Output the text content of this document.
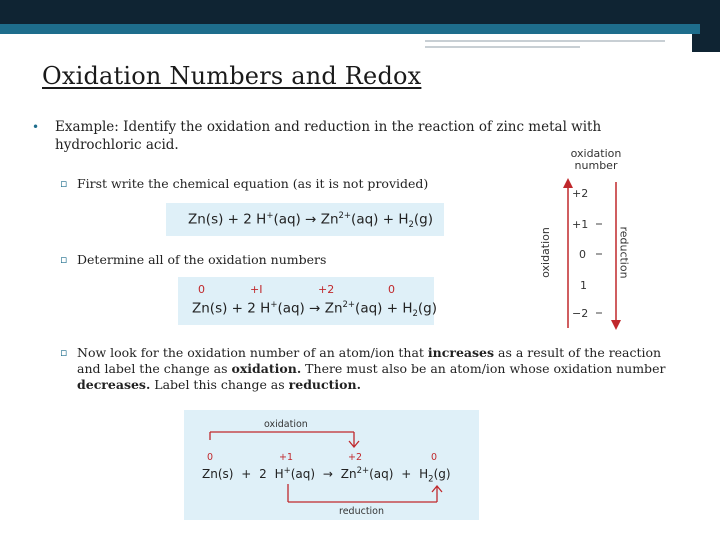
Oxidation Numbers and Redox
• Example: Identify the oxidation and reduction in the reaction of zinc metal with hydrochloric acid.
▫ First write the chemical equation (as it is not provided)
Zn(s) + 2 $H^+(aq) \to Zn^{2+}(aq) + H_2(g)$
▫ Determine all of the oxidation numbers
0	+I	+2	0
Zn(s) + 2 $H^+(aq) \to Zn^{2+}(aq) + H_2(g)$
oxidation number
+2
+1
0
1
−2
oxidation	reduction
▫ Now look for the oxidation number of an atom/ion that increases as a result of the reaction and label the change as oxidation. There must also be an atom/ion whose oxidation number decreases. Label this change as reduction.
oxidation
0	+1	+2	0
Zn(s) + 2 $H^+(aq) \to Zn^{2+}(aq) + H_2(g)$
reduction
